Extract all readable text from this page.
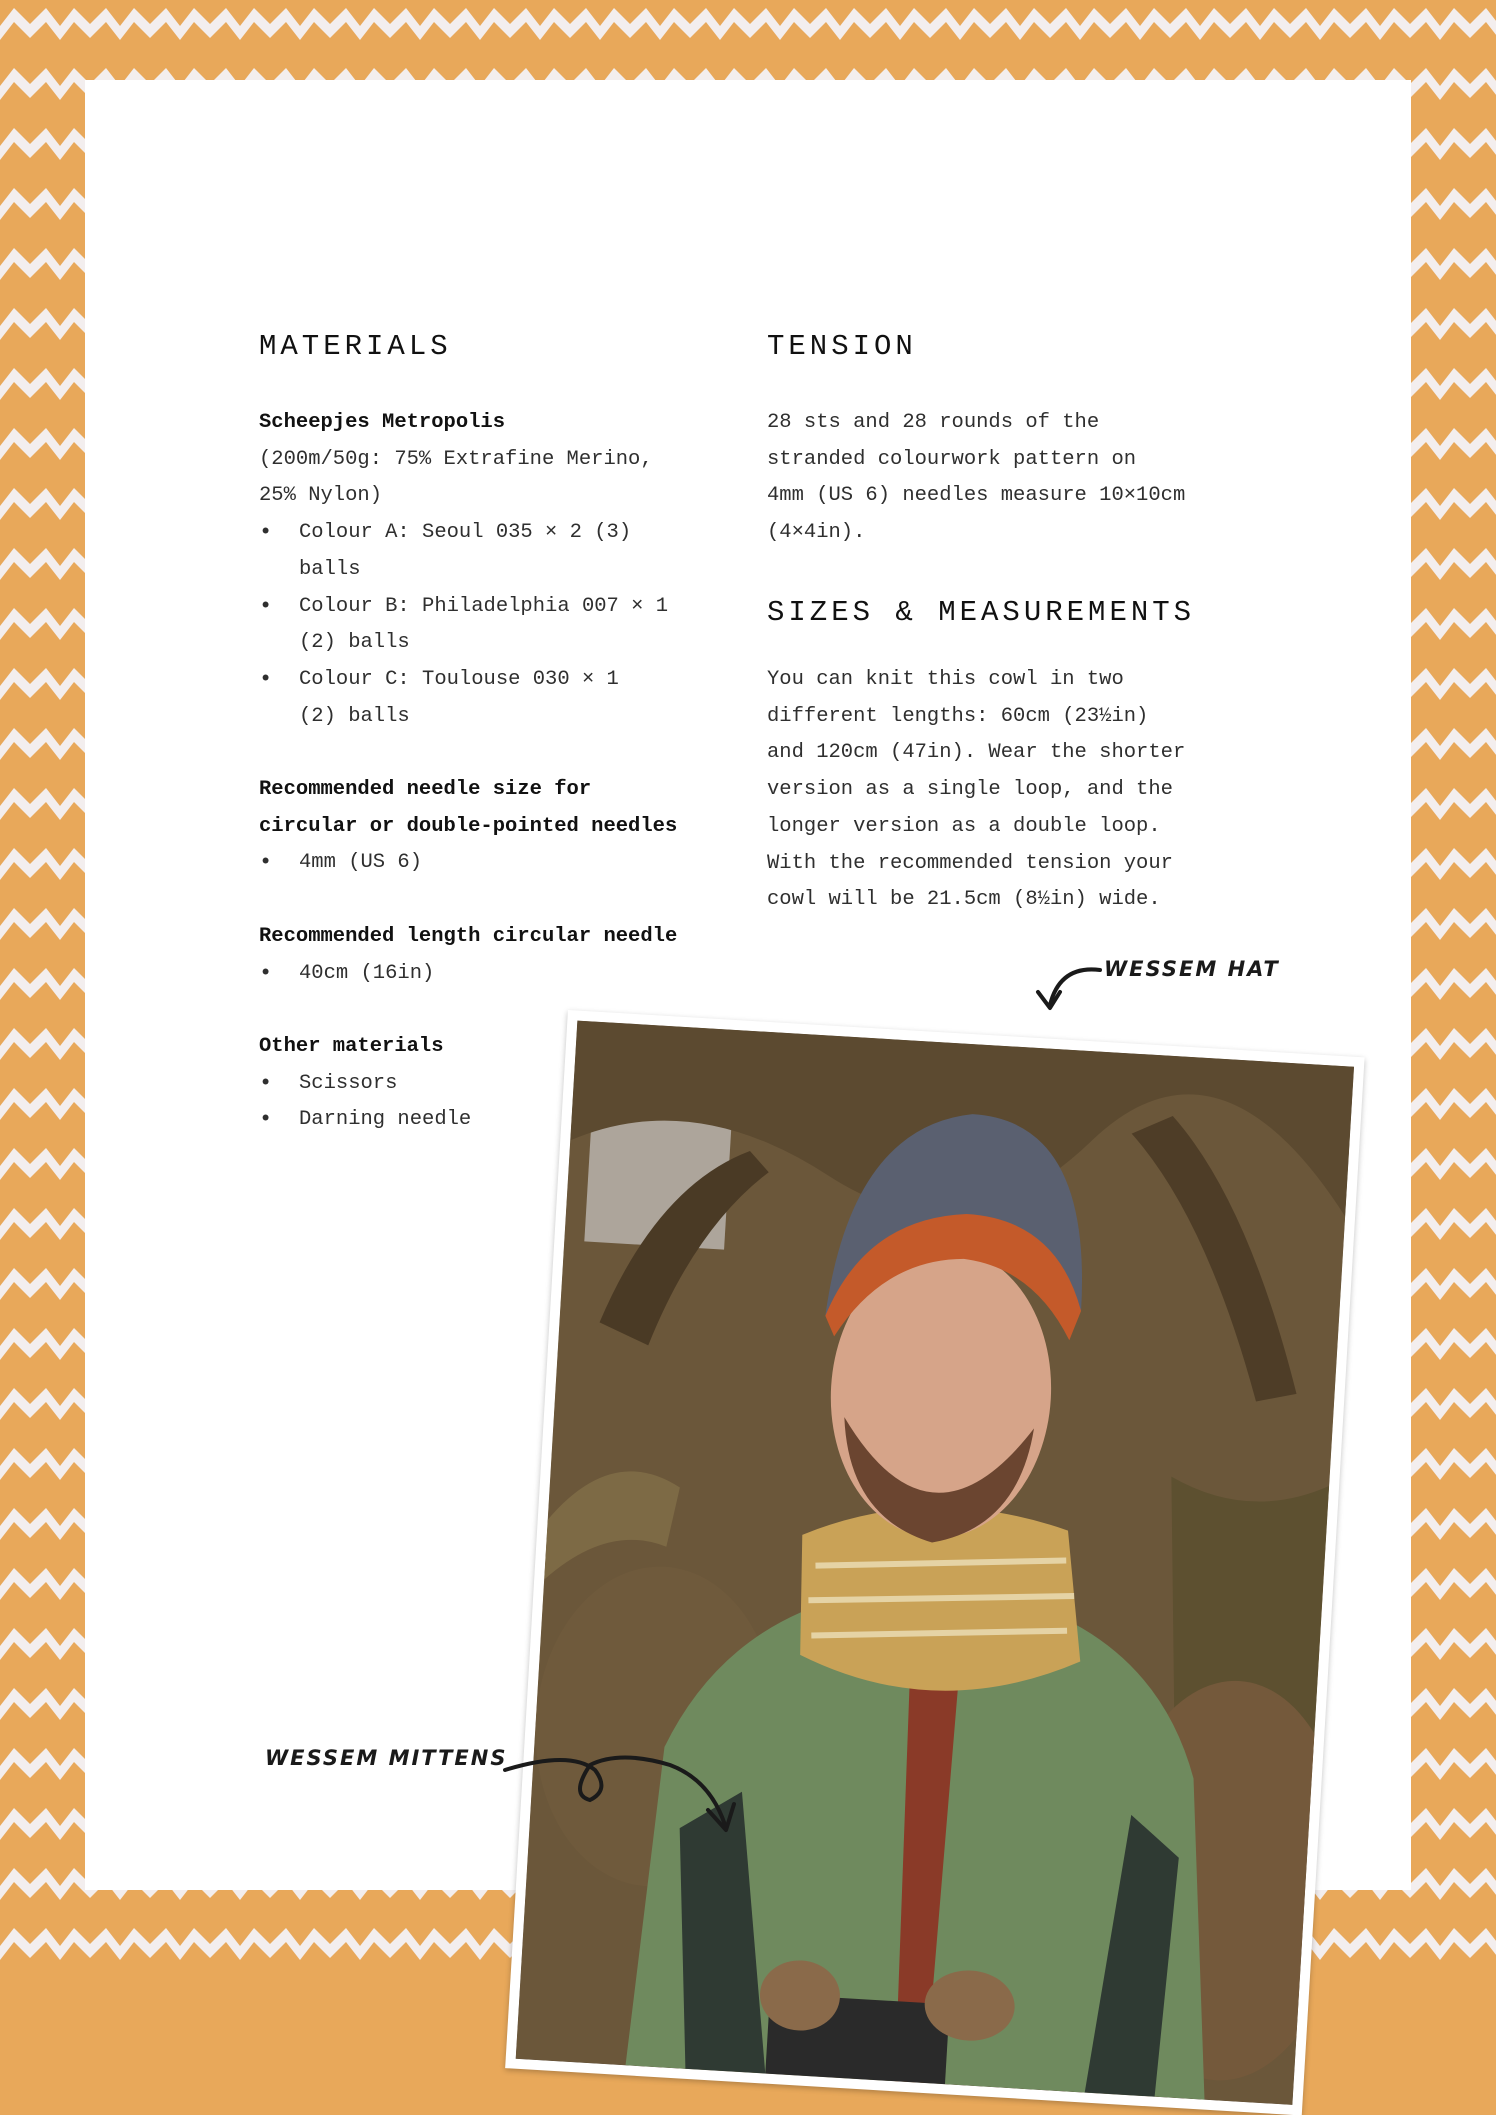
MATERIALS	TENSION
SIZES & MEASUREMENTS

Scheepjes Metropolis

(200m/50g: 75% Extrafine Merino,

25% Nylon)

• Colour A: Seoul 035 × 2 (3)
balls
• Colour B: Philadelphia 007 × 1
(2) balls
• Colour C: Toulouse 030 × 1
(2) balls

Recommended needle size for

circular or double-pointed needles

• 4mm (US 6)

Recommended length circular needle

• 40cm (16in)

Other materials

• Scissors
• Darning needle

28 sts and 28 rounds of the

stranded colourwork pattern on

4mm (US 6) needles measure 10×10cm

(4×4in).

You can knit this cowl in two

different lengths: 60cm (23½in)

and 120cm (47in). Wear the shorter

version as a single loop, and the

longer version as a double loop.

With the recommended tension your

cowl will be 21.5cm (8½in) wide.

WESSEM HAT
WESSEM MITTENS
